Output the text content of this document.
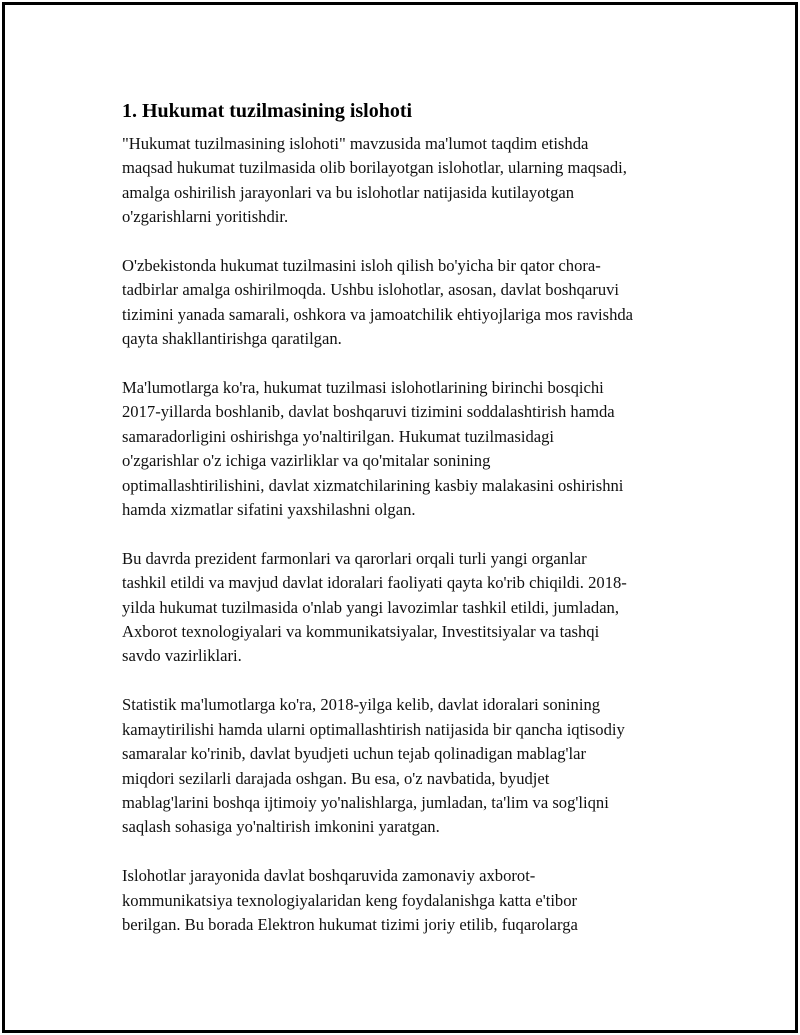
1. Hukumat tuzilmasining islohoti

"Hukumat tuzilmasining islohoti" mavzusida ma'lumot taqdim etishda
maqsad hukumat tuzilmasida olib borilayotgan islohotlar, ularning maqsadi,
amalga oshirilish jarayonlari va bu islohotlar natijasida kutilayotgan
o'zgarishlarni yoritishdir.

O'zbekistonda hukumat tuzilmasini isloh qilish bo'yicha bir qator chora-
tadbirlar amalga oshirilmoqda. Ushbu islohotlar, asosan, davlat boshqaruvi
tizimini yanada samarali, oshkora va jamoatchilik ehtiyojlariga mos ravishda
qayta shakllantirishga qaratilgan.

Ma'lumotlarga ko'ra, hukumat tuzilmasi islohotlarining birinchi bosqichi
2017-yillarda boshlanib, davlat boshqaruvi tizimini soddalashtirish hamda
samaradorligini oshirishga yo'naltirilgan. Hukumat tuzilmasidagi
o'zgarishlar o'z ichiga vazirliklar va qo'mitalar sonining
optimallashtirilishini, davlat xizmatchilarining kasbiy malakasini oshirishni
hamda xizmatlar sifatini yaxshilashni olgan.

Bu davrda prezident farmonlari va qarorlari orqali turli yangi organlar
tashkil etildi va mavjud davlat idoralari faoliyati qayta ko'rib chiqildi. 2018-
yilda hukumat tuzilmasida o'nlab yangi lavozimlar tashkil etildi, jumladan,
Axborot texnologiyalari va kommunikatsiyalar, Investitsiyalar va tashqi
savdo vazirliklari.

Statistik ma'lumotlarga ko'ra, 2018-yilga kelib, davlat idoralari sonining
kamaytirilishi hamda ularni optimallashtirish natijasida bir qancha iqtisodiy
samaralar ko'rinib, davlat byudjeti uchun tejab qolinadigan mablag'lar
miqdori sezilarli darajada oshgan. Bu esa, o'z navbatida, byudjet
mablag'larini boshqa ijtimoiy yo'nalishlarga, jumladan, ta'lim va sog'liqni
saqlash sohasiga yo'naltirish imkonini yaratgan.

Islohotlar jarayonida davlat boshqaruvida zamonaviy axborot-
kommunikatsiya texnologiyalaridan keng foydalanishga katta e'tibor
berilgan. Bu borada Elektron hukumat tizimi joriy etilib, fuqarolarga
